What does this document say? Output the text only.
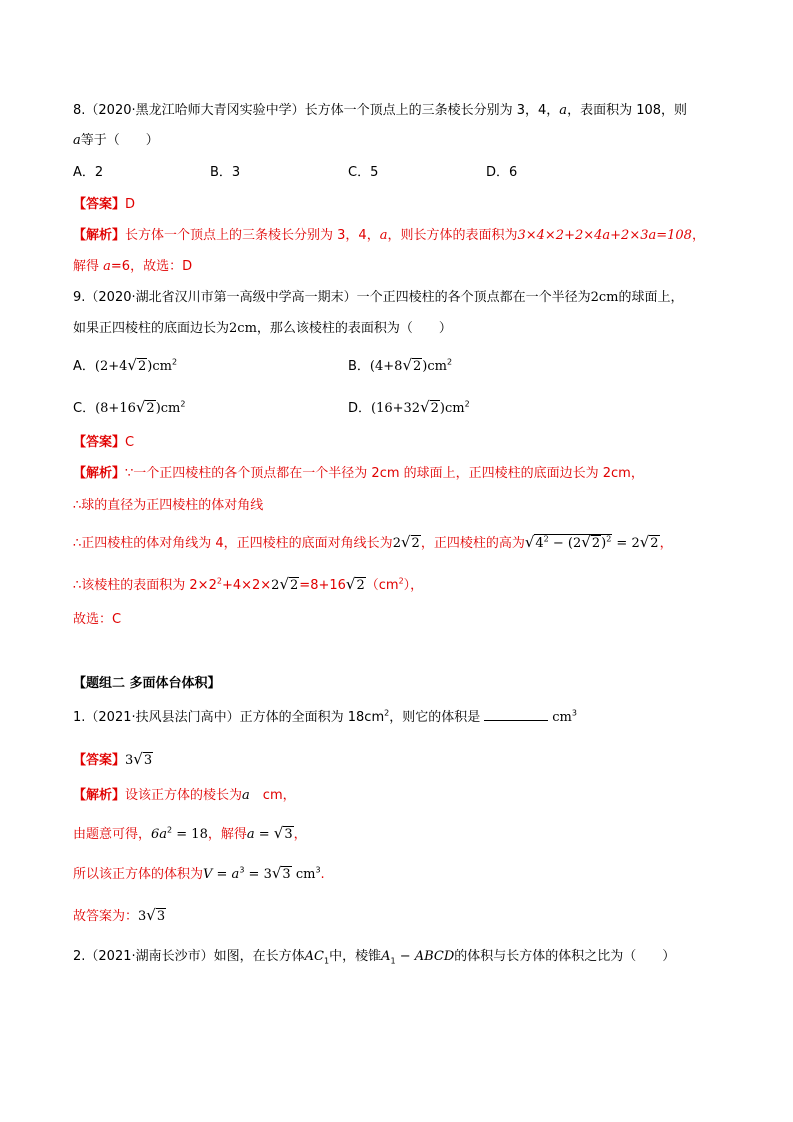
8.（2020·黑龙江哈师大青冈实验中学）长方体一个顶点上的三条棱长分别为 3，4，a，表面积为 108，则
a等于（　　）
A．2	B．3	C．5	D．6
【答案】D
【解析】长方体一个顶点上的三条棱长分别为 3，4，a，则长方体的表面积为3×4×2+2×4a+2×3a=108，
解得 a=6，故选：D
9.（2020·湖北省汉川市第一高级中学高一期末）一个正四棱柱的各个顶点都在一个半径为2cm的球面上，
如果正四棱柱的底面边长为2cm，那么该棱柱的表面积为（　　）
A．$(2+4√2)cm^2$	B．$(4+8√2)cm^2$
C．$(8+16√2)cm^2$	D．$(16+32√2)cm^2$
【答案】C
【解析】∵一个正四棱柱的各个顶点都在一个半径为 2cm 的球面上，正四棱柱的底面边长为 2cm，
∴球的直径为正四棱柱的体对角线
∴正四棱柱的体对角线为 4，正四棱柱的底面对角线长为2√2，正四棱柱的高为$√4^2 - (2√2)^2 = 2√2$，
∴该棱柱的表面积为 $2\times 2^2+4\times 2\times 2√2=8+16√2(cm^2)$，
故选：C
【题组二 多面体台体积】
1.（2021·扶风县法门高中）正方体的全面积为 $18cm^2$，则它的体积是	$cm^3$
【答案】3√3
【解析】设该正方体的棱长为a　cm，
由题意可得，$6a^2 = 18$，解得a = √3，
所以该正方体的体积为$V = a^3 = 3√3$ $cm^3$.
故答案为：3√3
2.（2021·湖南长沙市）如图，在长方体$AC_1$中，棱锥$A_1$ − ABCD的体积与长方体的体积之比为（　　）
